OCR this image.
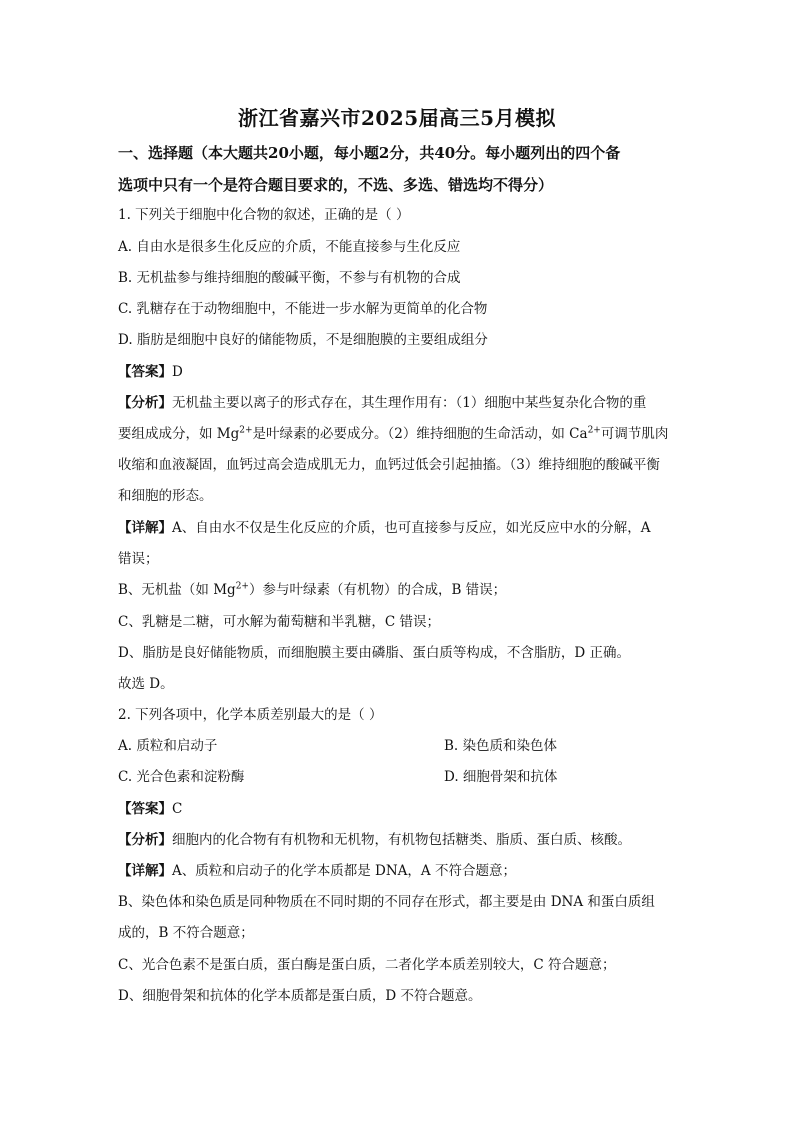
浙江省嘉兴市2025届高三5月模拟
一、选择题（本大题共20小题，每小题2分，共40分。每小题列出的四个备
选项中只有一个是符合题目要求的，不选、多选、错选均不得分）
1. 下列关于细胞中化合物的叙述，正确的是（ ）
A. 自由水是很多生化反应的介质，不能直接参与生化反应
B. 无机盐参与维持细胞的酸碱平衡，不参与有机物的合成
C. 乳糖存在于动物细胞中，不能进一步水解为更简单的化合物
D. 脂肪是细胞中良好的储能物质，不是细胞膜的主要组成组分
【答案】D
【分析】无机盐主要以离子的形式存在，其生理作用有：（1）细胞中某些复杂化合物的重
要组成成分，如 $Mg^{2+}$是叶绿素的必要成分。（2）维持细胞的生命活动，如 $Ca^{2+}$可调节肌肉
收缩和血液凝固，血钙过高会造成肌无力，血钙过低会引起抽搐。（3）维持细胞的酸碱平衡
和细胞的形态。
【详解】A、自由水不仅是生化反应的介质，也可直接参与反应，如光反应中水的分解，A
错误；
B、无机盐（如 $Mg^{2+}$）参与叶绿素（有机物）的合成，B 错误；
C、乳糖是二糖，可水解为葡萄糖和半乳糖，C 错误；
D、脂肪是良好储能物质，而细胞膜主要由磷脂、蛋白质等构成，不含脂肪，D 正确。
故选 D。
2. 下列各项中，化学本质差别最大的是（ ）
A. 质粒和启动子	B. 染色质和染色体
C. 光合色素和淀粉酶	D. 细胞骨架和抗体
【答案】C
【分析】细胞内的化合物有有机物和无机物，有机物包括糖类、脂质、蛋白质、核酸。
【详解】A、质粒和启动子的化学本质都是 DNA，A 不符合题意；
B、染色体和染色质是同种物质在不同时期的不同存在形式，都主要是由 DNA 和蛋白质组
成的，B 不符合题意；
C、光合色素不是蛋白质，蛋白酶是蛋白质，二者化学本质差别较大，C 符合题意；
D、细胞骨架和抗体的化学本质都是蛋白质，D 不符合题意。
